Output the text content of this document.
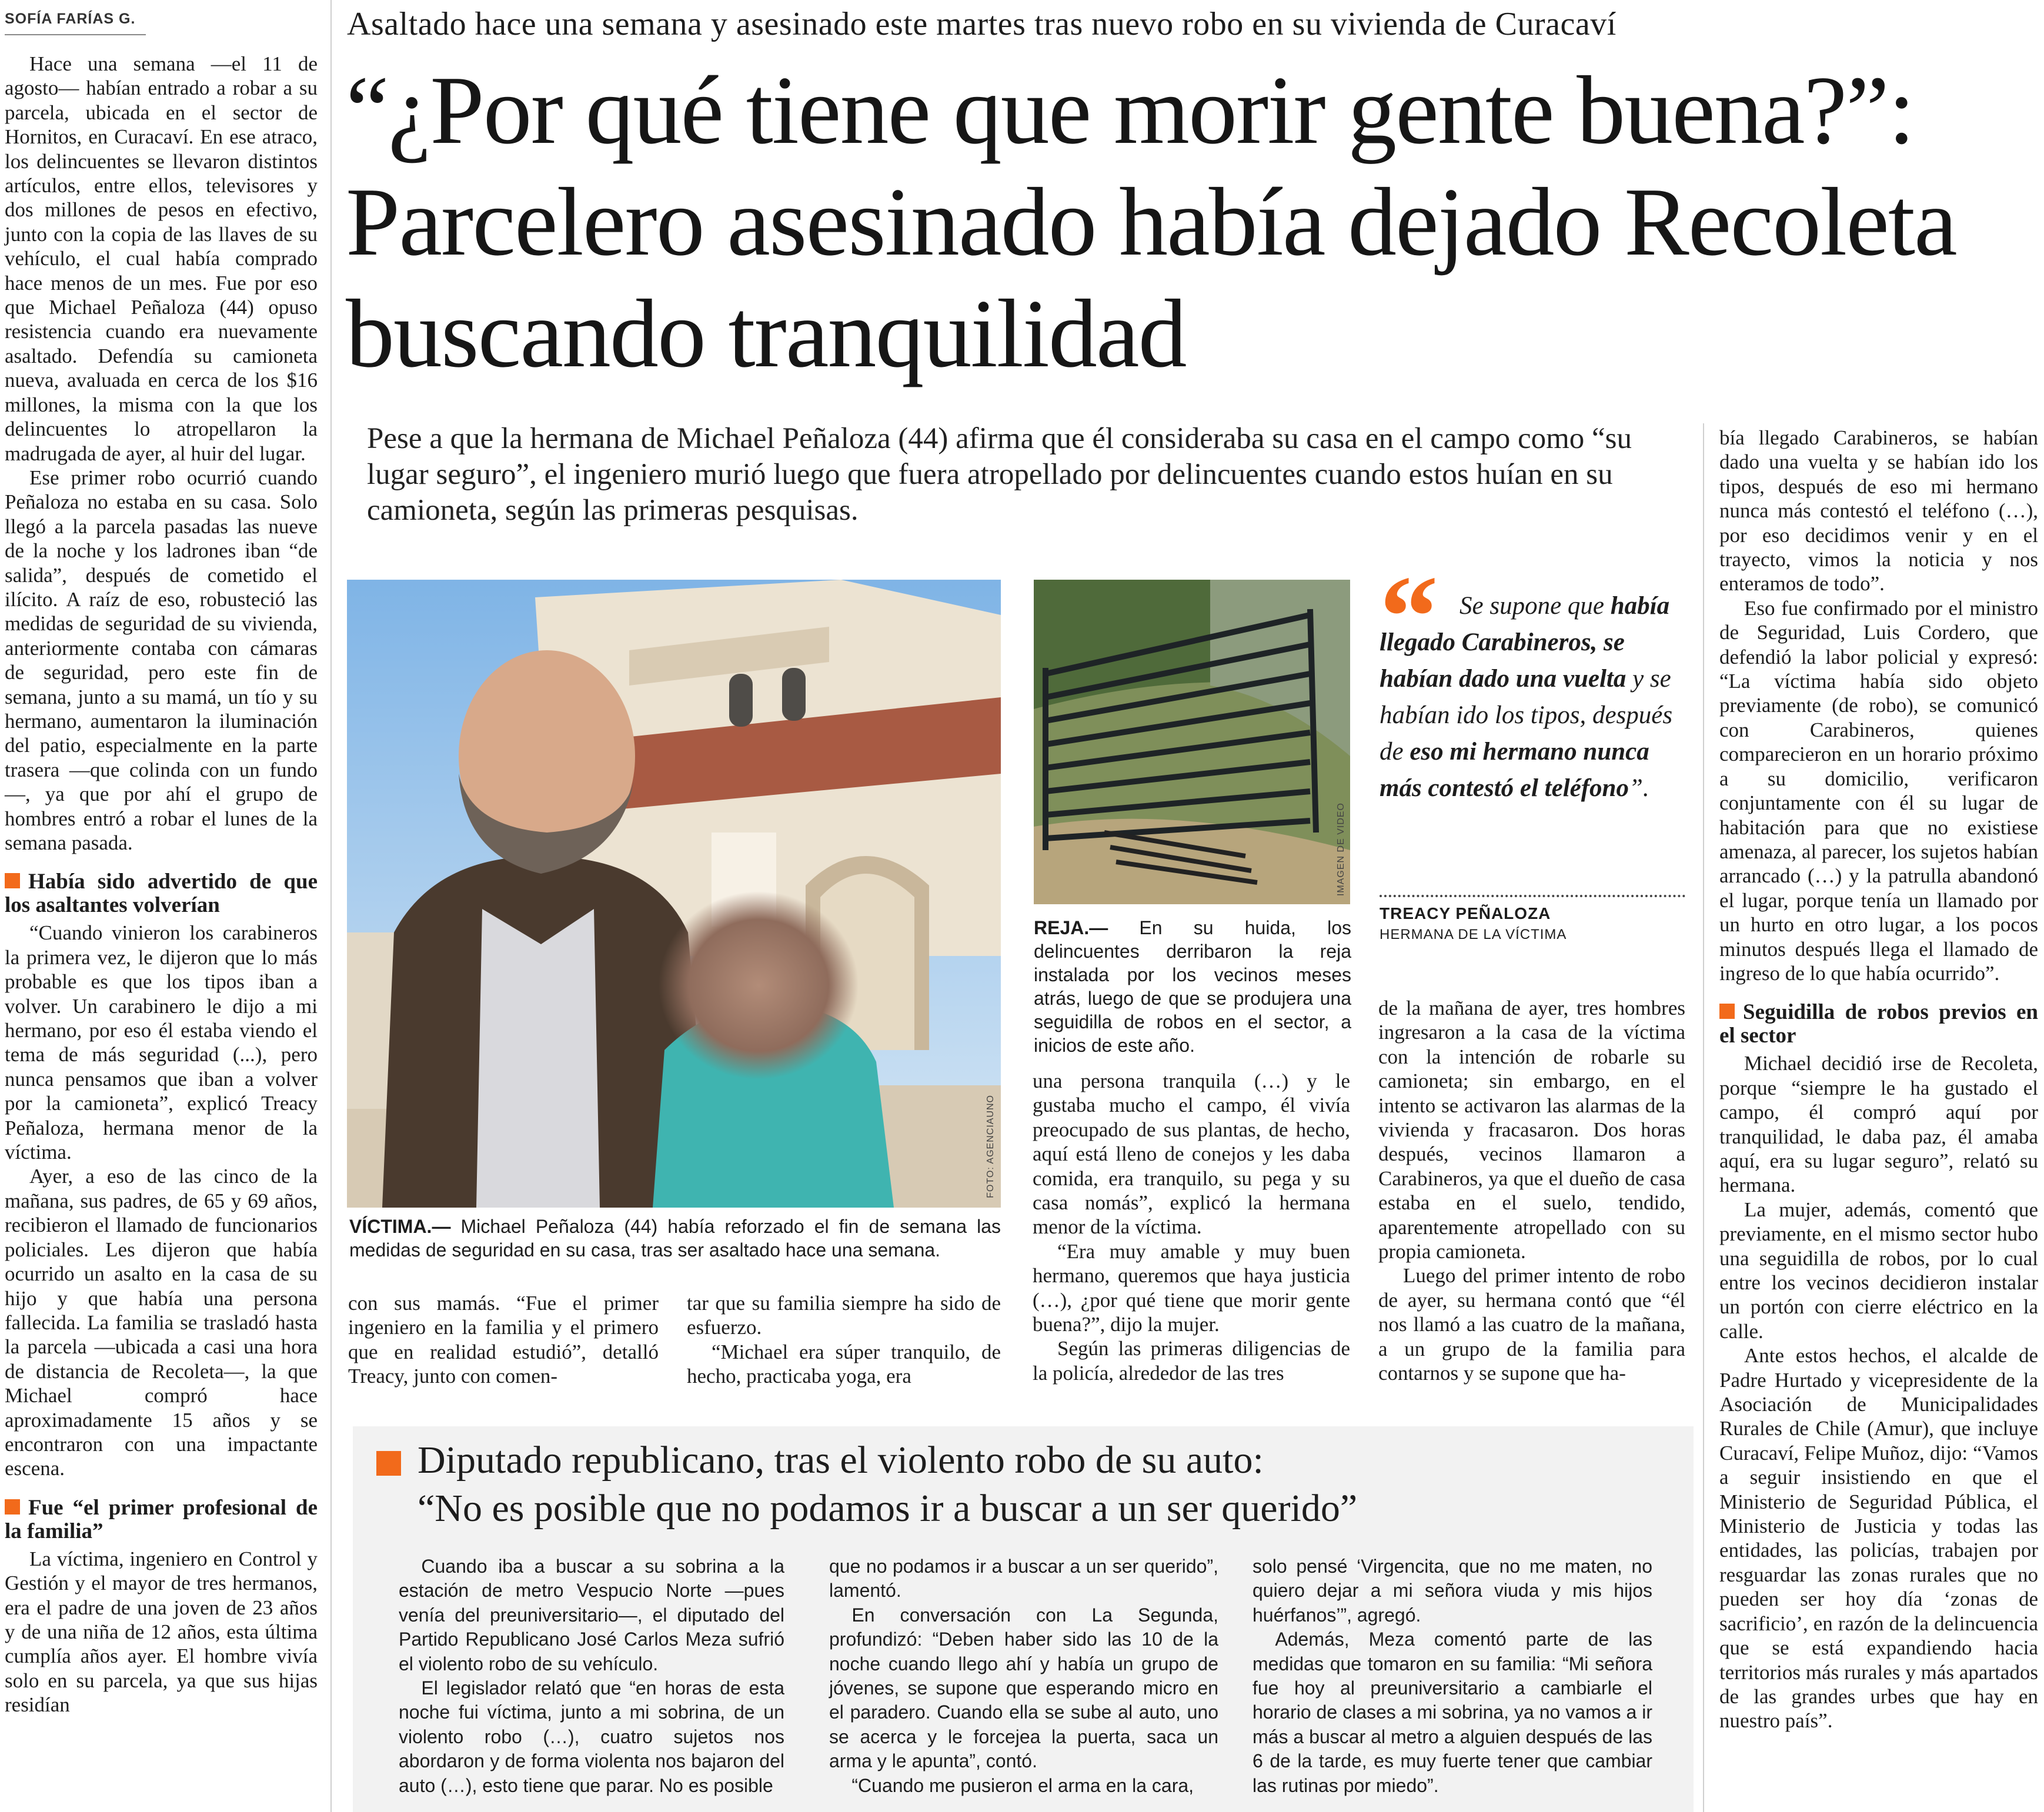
SOFÍA FARÍAS G.

Hace una semana —el 11 de agosto— habían entrado a robar a su parcela, ubicada en el sector de Hornitos, en Curacaví. En ese atraco, los delincuentes se llevaron distintos artículos, entre ellos, televisores y dos millones de pesos en efectivo, junto con la copia de las llaves de su vehículo, el cual había comprado hace menos de un mes. Fue por eso que Michael Peñaloza (44) opuso resistencia cuando era nuevamente asaltado. Defendía su camioneta nueva, avaluada en cerca de los $16 millones, la misma con la que los delincuentes lo atropellaron la madrugada de ayer, al huir del lugar.

Ese primer robo ocurrió cuando Peñaloza no estaba en su casa. Solo llegó a la parcela pasadas las nueve de la noche y los ladrones iban “de salida”, después de cometido el ilícito. A raíz de eso, robusteció las medidas de seguridad de su vivienda, anteriormente contaba con cámaras de seguridad, pero este fin de semana, junto a su mamá, un tío y su hermano, aumentaron la iluminación del patio, especialmente en la parte trasera —que colinda con un fundo—, ya que por ahí el grupo de hombres entró a robar el lunes de la semana pasada.

Había sido advertido de que los asaltantes volverían

“Cuando vinieron los carabineros la primera vez, le dijeron que lo más probable es que los tipos iban a volver. Un carabinero le dijo a mi hermano, por eso él estaba viendo el tema de más seguridad (...), pero nunca pensamos que iban a volver por la camioneta”, explicó Treacy Peñaloza, hermana menor de la víctima.

Ayer, a eso de las cinco de la mañana, sus padres, de 65 y 69 años, recibieron el llamado de funcionarios policiales. Les dijeron que había ocurrido un asalto en la casa de su hijo y que había una persona fallecida. La familia se trasladó hasta la parcela —ubicada a casi una hora de distancia de Recoleta—, la que Michael compró hace aproximadamente 15 años y se encontraron con una impactante escena.

Fue “el primer profesional de la familia”

La víctima, ingeniero en Control y Gestión y el mayor de tres hermanos, era el padre de una joven de 23 años y de una niña de 12 años, esta última cumplía años ayer. El hombre vivía solo en su parcela, ya que sus hijas residían

Asaltado hace una semana y asesinado este martes tras nuevo robo en su vivienda de Curacaví
“¿Por qué tiene que morir gente buena?”: Parcelero asesinado había dejado Recoleta buscando tranquilidad
Pese a que la hermana de Michael Peñaloza (44) afirma que él consideraba su casa en el campo como “su lugar seguro”, el ingeniero murió luego que fuera atropellado por delincuentes cuando estos huían en su camioneta, según las primeras pesquisas.
FOTO: AGENCIAUNO
VÍCTIMA.— Michael Peñaloza (44) había reforzado el fin de semana las medidas de seguridad en su casa, tras ser asaltado hace una semana.
IMAGEN DE VIDEO
REJA.— En su huida, los delincuentes derribaron la reja instalada por los vecinos meses atrás, luego de que se produjera una seguidilla de robos en el sector, a inicios de este año.
“ Se supone que había llegado Carabineros, se habían dado una vuelta y se habían ido los tipos, después de eso mi hermano nunca más contestó el teléfono”.
TREACY PEÑALOZA
HERMANA DE LA VÍCTIMA

con sus mamás. “Fue el primer ingeniero en la familia y el primero que en realidad estudió”, detalló Treacy, junto con comen-

tar que su familia siempre ha sido de esfuerzo.

“Michael era súper tranquilo, de hecho, practicaba yoga, era

una persona tranquila (…) y le gustaba mucho el campo, él vivía preocupado de sus plantas, de hecho, aquí está lleno de conejos y les daba comida, era tranquilo, su pega y su casa nomás”, explicó la hermana menor de la víctima.

“Era muy amable y muy buen hermano, queremos que haya justicia (…), ¿por qué tiene que morir gente buena?”, dijo la mujer.

Según las primeras diligencias de la policía, alrededor de las tres

de la mañana de ayer, tres hombres ingresaron a la casa de la víctima con la intención de robarle su camioneta; sin embargo, en el intento se activaron las alarmas de la vivienda y fracasaron. Dos horas después, vecinos llamaron a Carabineros, ya que el dueño de casa estaba en el suelo, tendido, aparentemente atropellado con su propia camioneta.

Luego del primer intento de robo de ayer, su hermana contó que “él nos llamó a las cuatro de la mañana, a un grupo de la familia para contarnos y se supone que ha-

bía llegado Carabineros, se habían dado una vuelta y se habían ido los tipos, después de eso mi hermano nunca más contestó el teléfono (…), por eso decidimos venir y en el trayecto, vimos la noticia y nos enteramos de todo”.

Eso fue confirmado por el ministro de Seguridad, Luis Cordero, que defendió la labor policial y expresó: “La víctima había sido objeto previamente (de robo), se comunicó con Carabineros, quienes comparecieron en un horario próximo a su domicilio, verificaron conjuntamente con él su lugar de habitación para que no existiese amenaza, al parecer, los sujetos habían arrancado (…) y la patrulla abandonó el lugar, porque tenía un llamado por un hurto en otro lugar, a los pocos minutos después llega el llamado de ingreso de lo que había ocurrido”.

Seguidilla de robos previos en el sector

Michael decidió irse de Recoleta, porque “siempre le ha gustado el campo, él compró aquí por tranquilidad, le daba paz, él amaba aquí, era su lugar seguro”, relató su hermana.

La mujer, además, comentó que previamente, en el mismo sector hubo una seguidilla de robos, por lo cual entre los vecinos decidieron instalar un portón con cierre eléctrico en la calle.

Ante estos hechos, el alcalde de Padre Hurtado y vicepresidente de la Asociación de Municipalidades Rurales de Chile (Amur), que incluye Curacaví, Felipe Muñoz, dijo: “Vamos a seguir insistiendo en que el Ministerio de Seguridad Pública, el Ministerio de Justicia y todas las entidades, las policías, trabajen por resguardar las zonas rurales que no pueden ser hoy día ‘zonas de sacrificio’, en razón de la delincuencia que se está expandiendo hacia territorios más rurales y más apartados de las grandes urbes que hay en nuestro país”.

Diputado republicano, tras el violento robo de su auto:
“No es posible que no podamos ir a buscar a un ser querido”

Cuando iba a buscar a su sobrina a la estación de metro Vespucio Norte —pues venía del preuniversitario—, el diputado del Partido Republicano José Carlos Meza sufrió el violento robo de su vehículo.

El legislador relató que “en horas de esta noche fui víctima, junto a mi sobrina, de un violento robo (…), cuatro sujetos nos abordaron y de forma violenta nos bajaron del auto (…), esto tiene que parar. No es posible

que no podamos ir a buscar a un ser querido”, lamentó.

En conversación con La Segunda, profundizó: “Deben haber sido las 10 de la noche cuando llego ahí y había un grupo de jóvenes, se supone que esperando micro en el paradero. Cuando ella se sube al auto, uno se acerca y le forcejea la puerta, saca un arma y le apunta”, contó.

“Cuando me pusieron el arma en la cara,

solo pensé ‘Virgencita, que no me maten, no quiero dejar a mi señora viuda y mis hijos huérfanos’”, agregó.

Además, Meza comentó parte de las medidas que tomaron en su familia: “Mi señora fue hoy al preuniversitario a cambiarle el horario de clases a mi sobrina, ya no vamos a ir más a buscar al metro a alguien después de las 6 de la tarde, es muy fuerte tener que cambiar las rutinas por miedo”.
